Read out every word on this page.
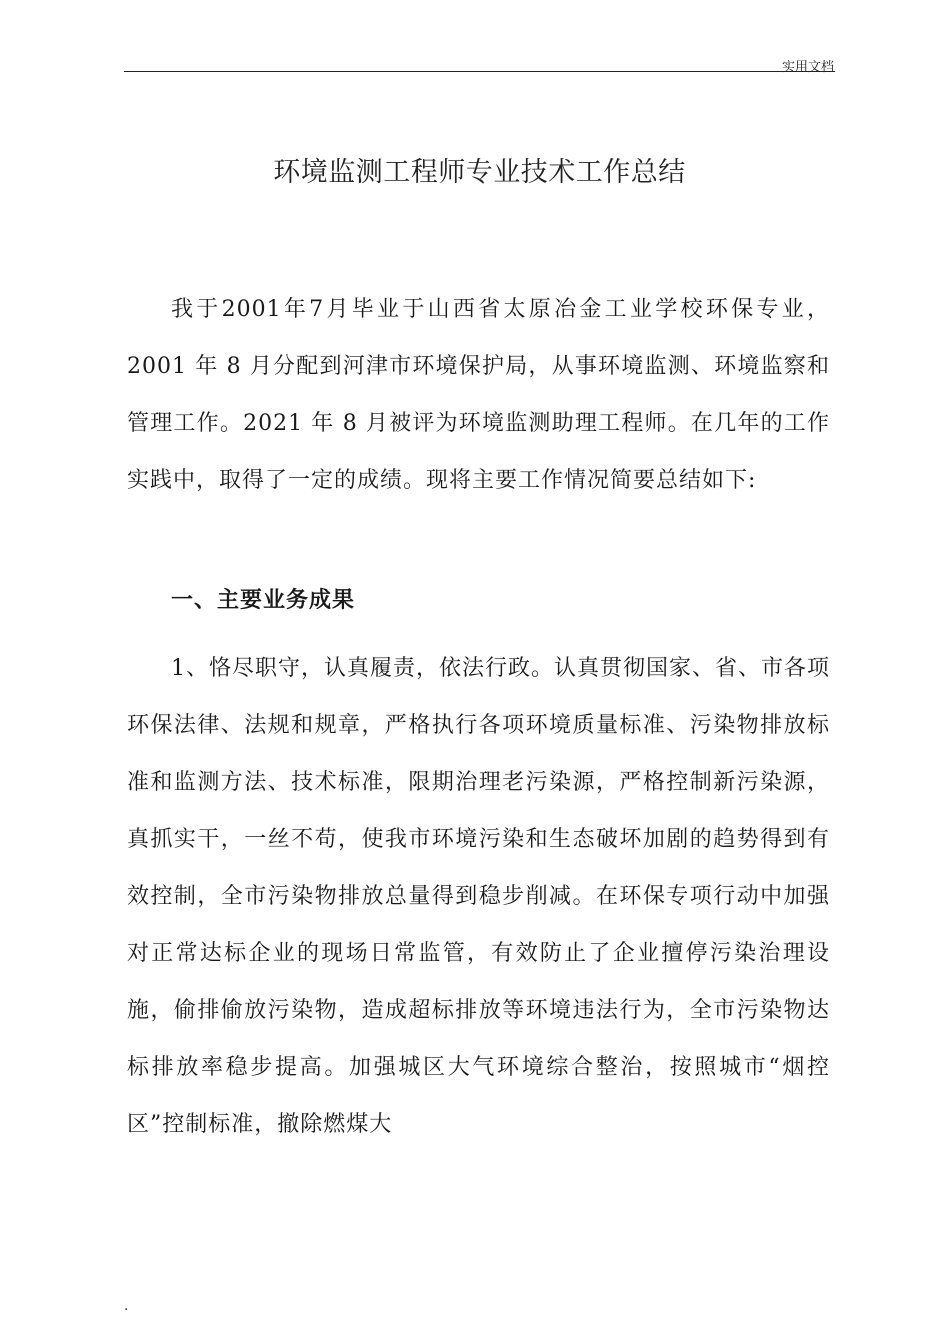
实用文档
环境监测工程师专业技术工作总结

我于2001年7月毕业于山西省太原冶金工业学校环保专业，2001 年 8 月分配到河津市环境保护局，从事环境监测、环境监察和管理工作。2021 年 8 月被评为环境监测助理工程师。在几年的工作实践中，取得了一定的成绩。现将主要工作情况简要总结如下:

一、主要业务成果

1、恪尽职守，认真履责，依法行政。认真贯彻国家、省、市各项环保法律、法规和规章，严格执行各项环境质量标准、污染物排放标准和监测方法、技术标准，限期治理老污染源，严格控制新污染源，真抓实干，一丝不苟，使我市环境污染和生态破坏加剧的趋势得到有效控制，全市污染物排放总量得到稳步削减。在环保专项行动中加强对正常达标企业的现场日常监管，有效防止了企业擅停污染治理设施，偷排偷放污染物，造成超标排放等环境违法行为，全市污染物达标排放率稳步提高。加强城区大气环境综合整治，按照城市“烟控区”控制标准，撤除燃煤大

.
